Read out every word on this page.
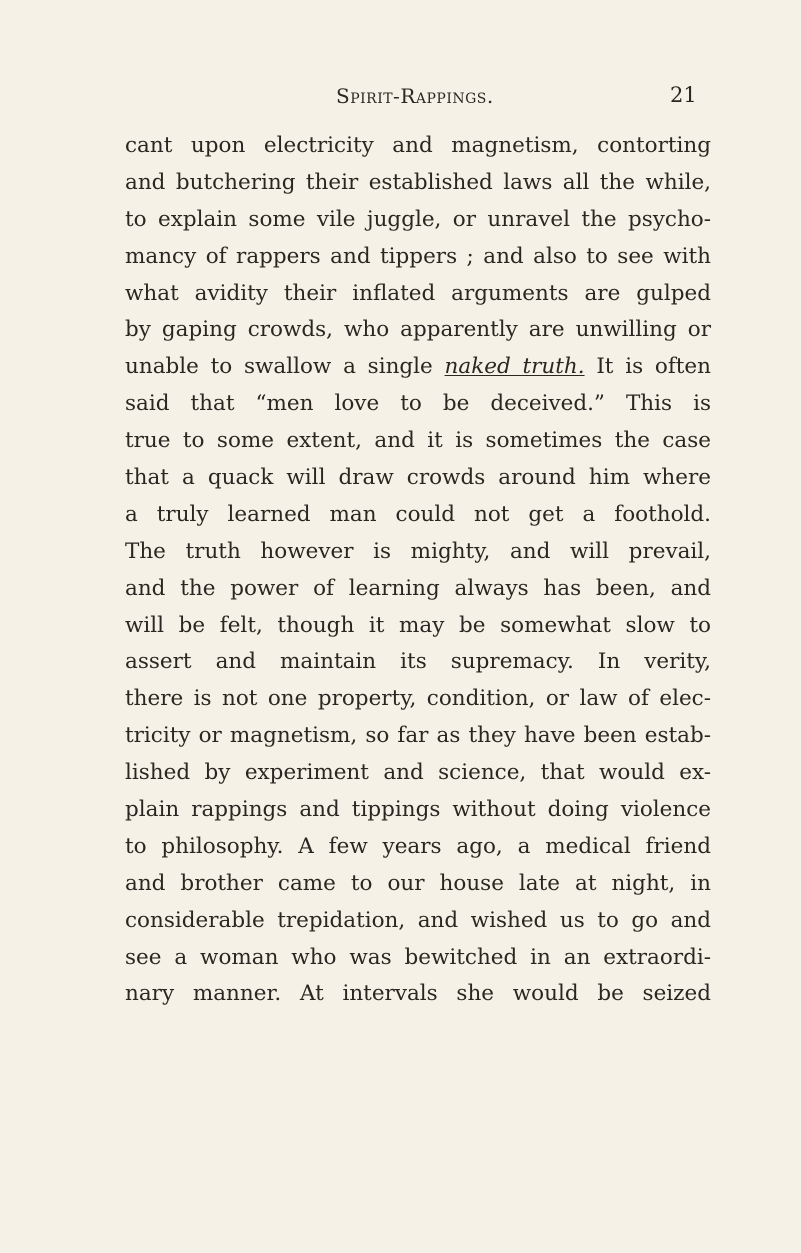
Spirit-Rappings.	21
cant upon electricity and magnetism, contorting
and butchering their established laws all the while,
to explain some vile juggle, or unravel the psycho-
mancy of rappers and tippers ; and also to see with
what avidity their inflated arguments are gulped
by gaping crowds, who apparently are unwilling or
unable to swallow a single naked truth. It is often
said that “men love to be deceived.” This is
true to some extent, and it is sometimes the case
that a quack will draw crowds around him where
a truly learned man could not get a foothold.
The truth however is mighty, and will prevail,
and the power of learning always has been, and
will be felt, though it may be somewhat slow to
assert and maintain its supremacy. In verity,
there is not one property, condition, or law of elec-
tricity or magnetism, so far as they have been estab-
lished by experiment and science, that would ex-
plain rappings and tippings without doing violence
to philosophy. A few years ago, a medical friend
and brother came to our house late at night, in
considerable trepidation, and wished us to go and
see a woman who was bewitched in an extraordi-
nary manner. At intervals she would be seized
